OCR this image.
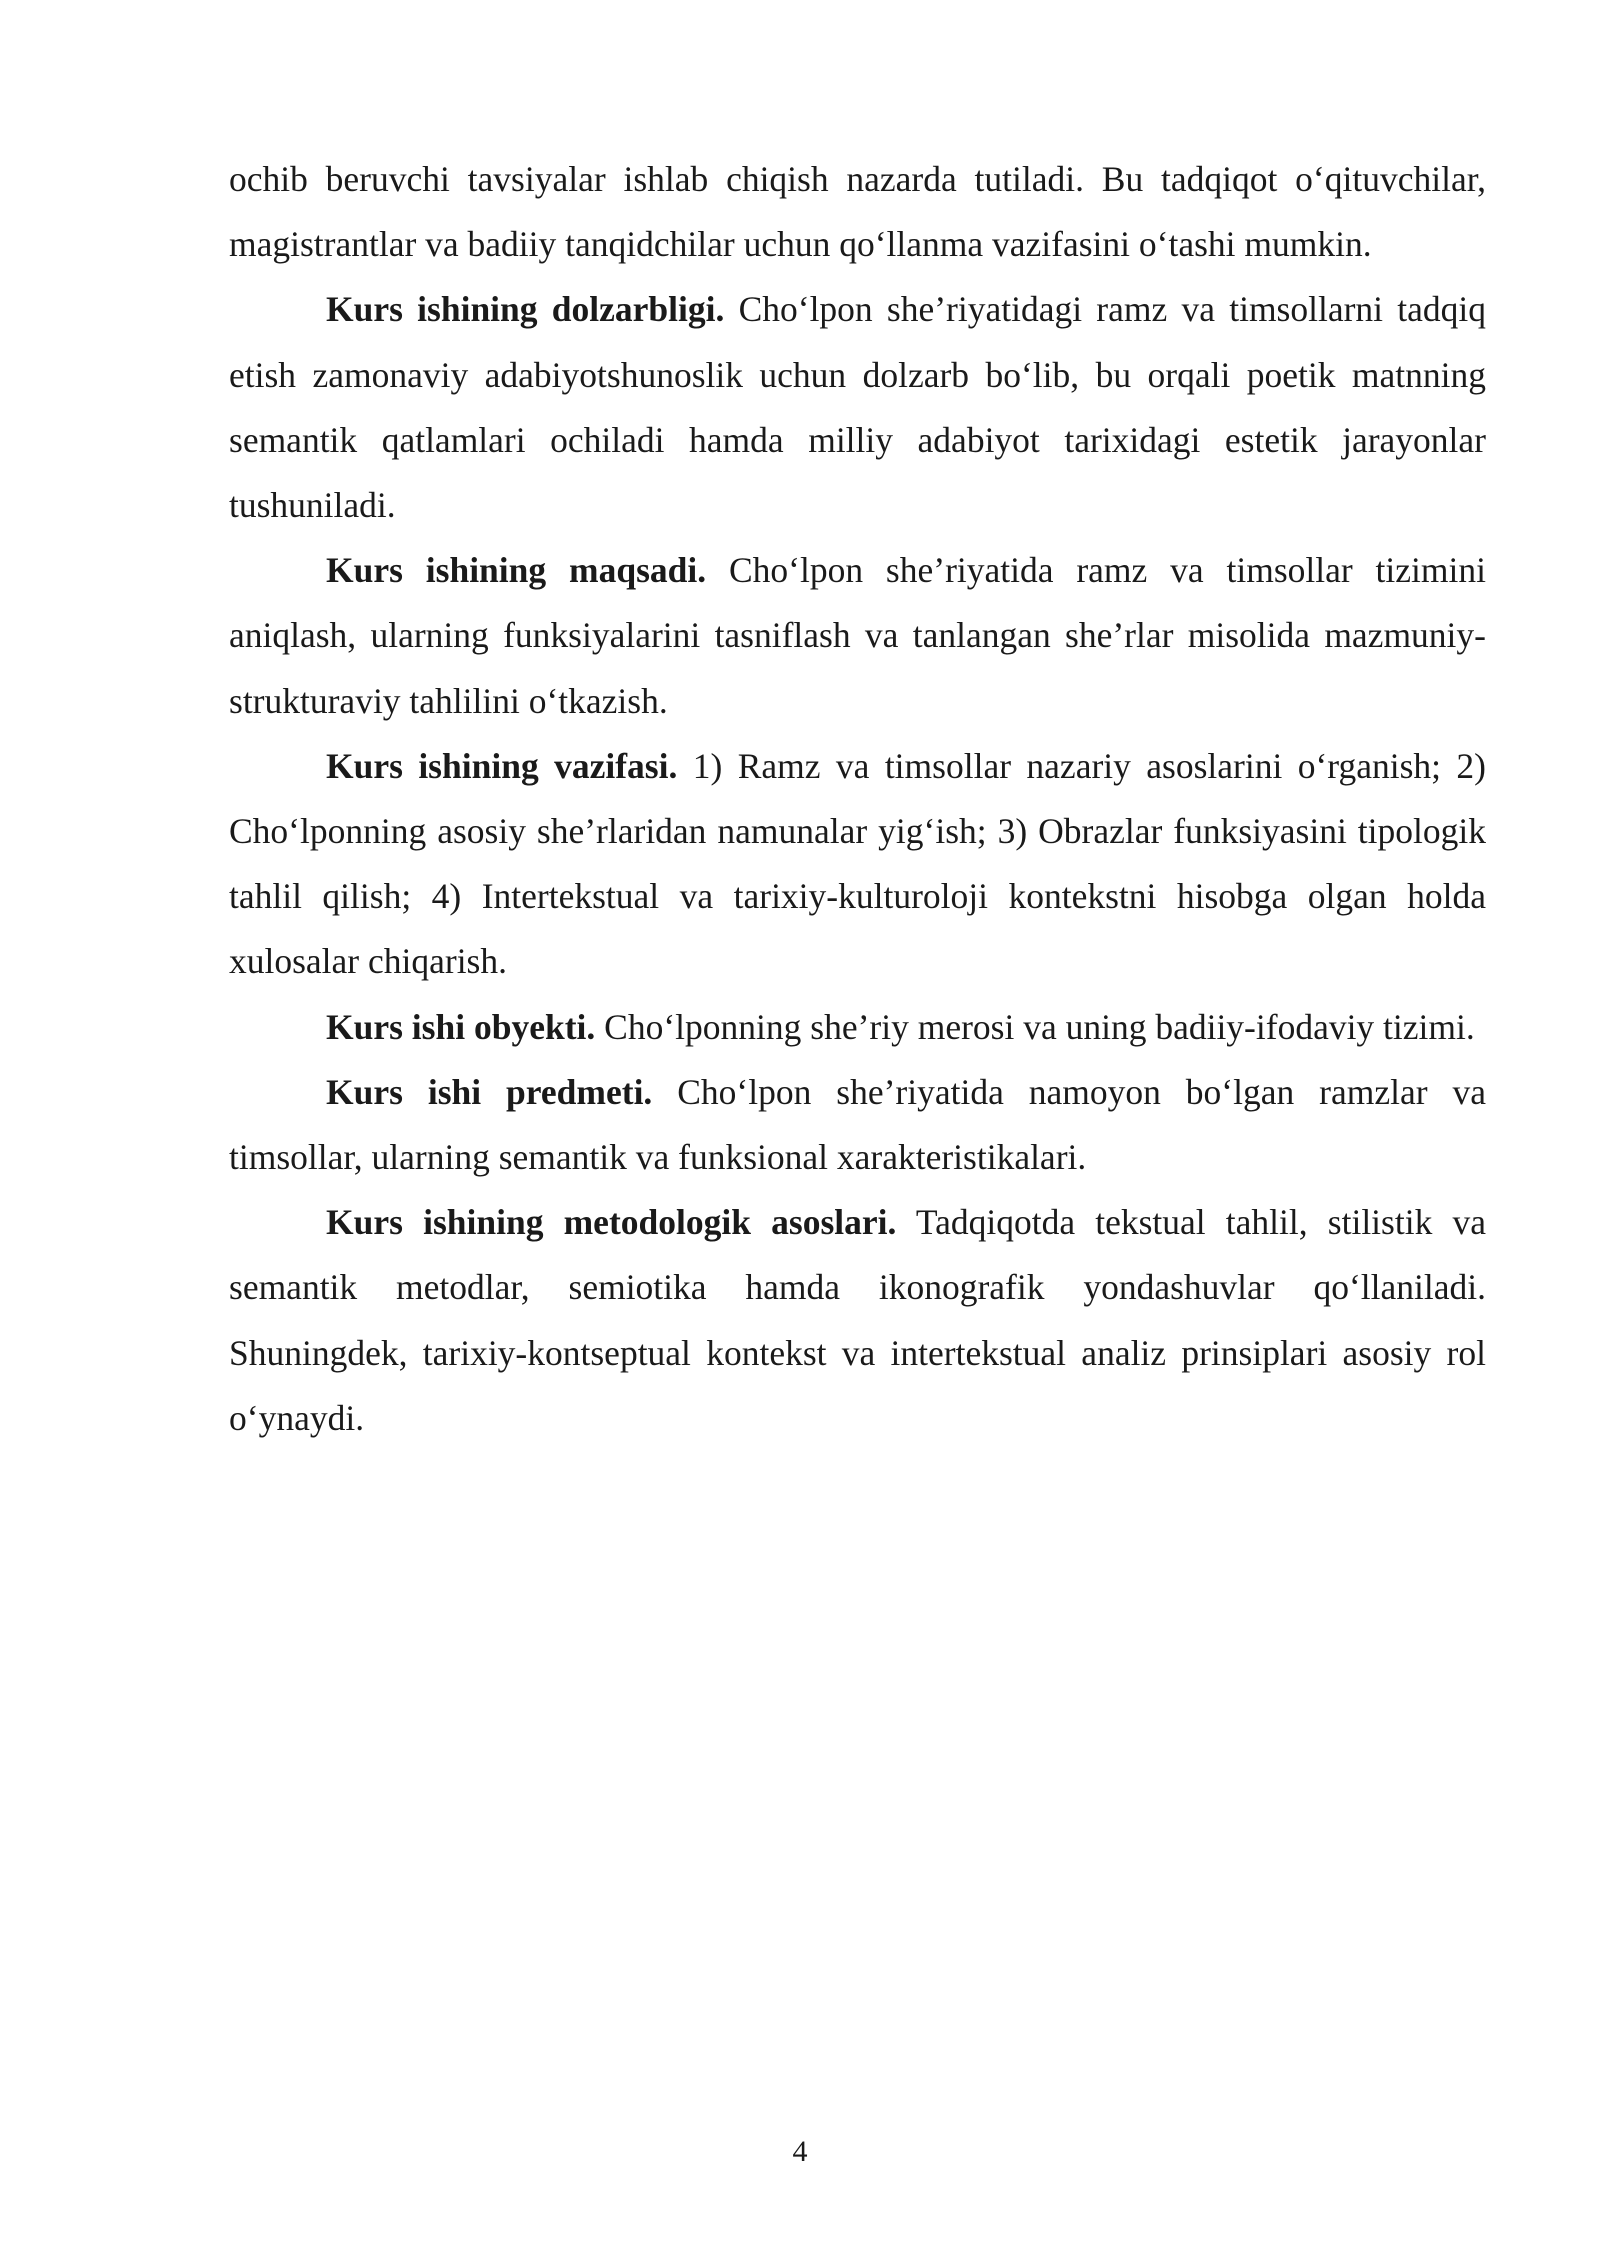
ochib beruvchi tavsiyalar ishlab chiqish nazarda tutiladi. Bu tadqiqot o‘qituvchilar, magistrantlar va badiiy tanqidchilar uchun qo‘llanma vazifasini o‘tashi mumkin.

Kurs ishining dolzarbligi. Cho‘lpon she’riyatidagi ramz va timsollarni tadqiq etish zamonaviy adabiyotshunoslik uchun dolzarb bo‘lib, bu orqali poetik matnning semantik qatlamlari ochiladi hamda milliy adabiyot tarixidagi estetik jarayonlar tushuniladi.

Kurs ishining maqsadi. Cho‘lpon she’riyatida ramz va timsollar tizimini aniqlash, ularning funksiyalarini tasniflash va tanlangan she’rlar misolida mazmuniy-strukturaviy tahlilini o‘tkazish.

Kurs ishining vazifasi. 1) Ramz va timsollar nazariy asoslarini o‘rganish; 2) Cho‘lponning asosiy she’rlaridan namunalar yig‘ish; 3) Obrazlar funksiyasini tipologik tahlil qilish; 4) Intertekstual va tarixiy-kulturoloji kontekstni hisobga olgan holda xulosalar chiqarish.

Kurs ishi obyekti. Cho‘lponning she’riy merosi va uning badiiy-ifodaviy tizimi.

Kurs ishi predmeti. Cho‘lpon she’riyatida namoyon bo‘lgan ramzlar va timsollar, ularning semantik va funksional xarakteristikalari.

Kurs ishining metodologik asoslari. Tadqiqotda tekstual tahlil, stilistik va semantik metodlar, semiotika hamda ikonografik yondashuvlar qo‘llaniladi. Shuningdek, tarixiy-kontseptual kontekst va intertekstual analiz prinsiplari asosiy rol o‘ynaydi.

4
